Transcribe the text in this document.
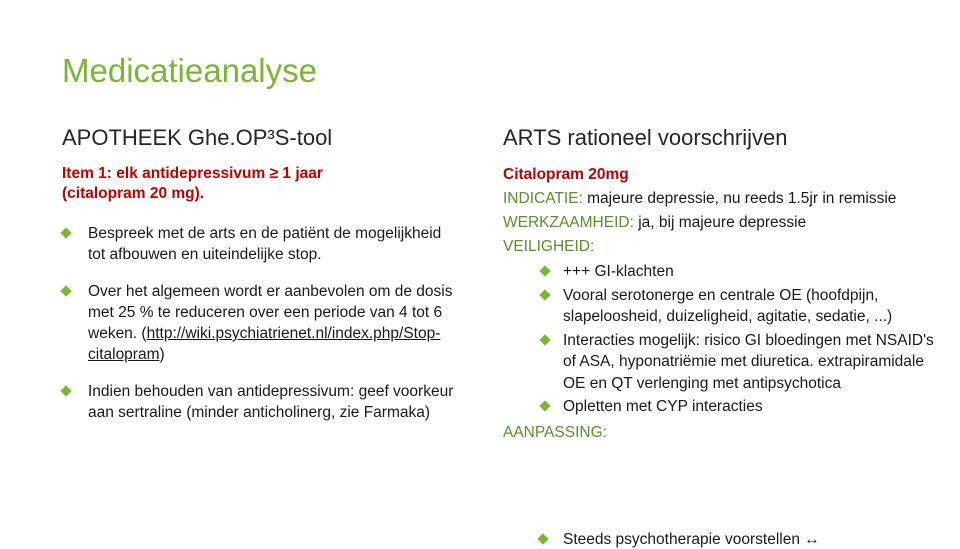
Medicatieanalyse
APOTHEEK Ghe.OP³S-tool	ARTS rationeel voorschrijven
Item 1: elk antidepressivum ≥ 1 jaar
(citalopram 20 mg).
Bespreek met de arts en de patiënt de mogelijkheid tot afbouwen en uiteindelijke stop.
Over het algemeen wordt er aanbevolen om de dosis met 25 % te reduceren over een periode van 4 tot 6 weken. (http://wiki.psychiatrienet.nl/index.php/Stop-citalopram)
Indien behouden van antidepressivum: geef voorkeur aan sertraline (minder anticholinerg, zie Farmaka)
Citalopram 20mg
INDICATIE: majeure depressie, nu reeds 1.5jr in remissie
WERKZAAMHEID: ja, bij majeure depressie
VEILIGHEID:
+++ GI-klachten
Vooral serotonerge en centrale OE (hoofdpijn, slapeloosheid, duizeligheid, agitatie, sedatie, ...)
Interacties mogelijk: risico GI bloedingen met NSAID's of ASA, hyponatriëmie met diuretica. extrapiramidale OE en QT verlenging met antipsychotica
Opletten met CYP interacties
AANPASSING:
Steeds psychotherapie voorstellen ↔
